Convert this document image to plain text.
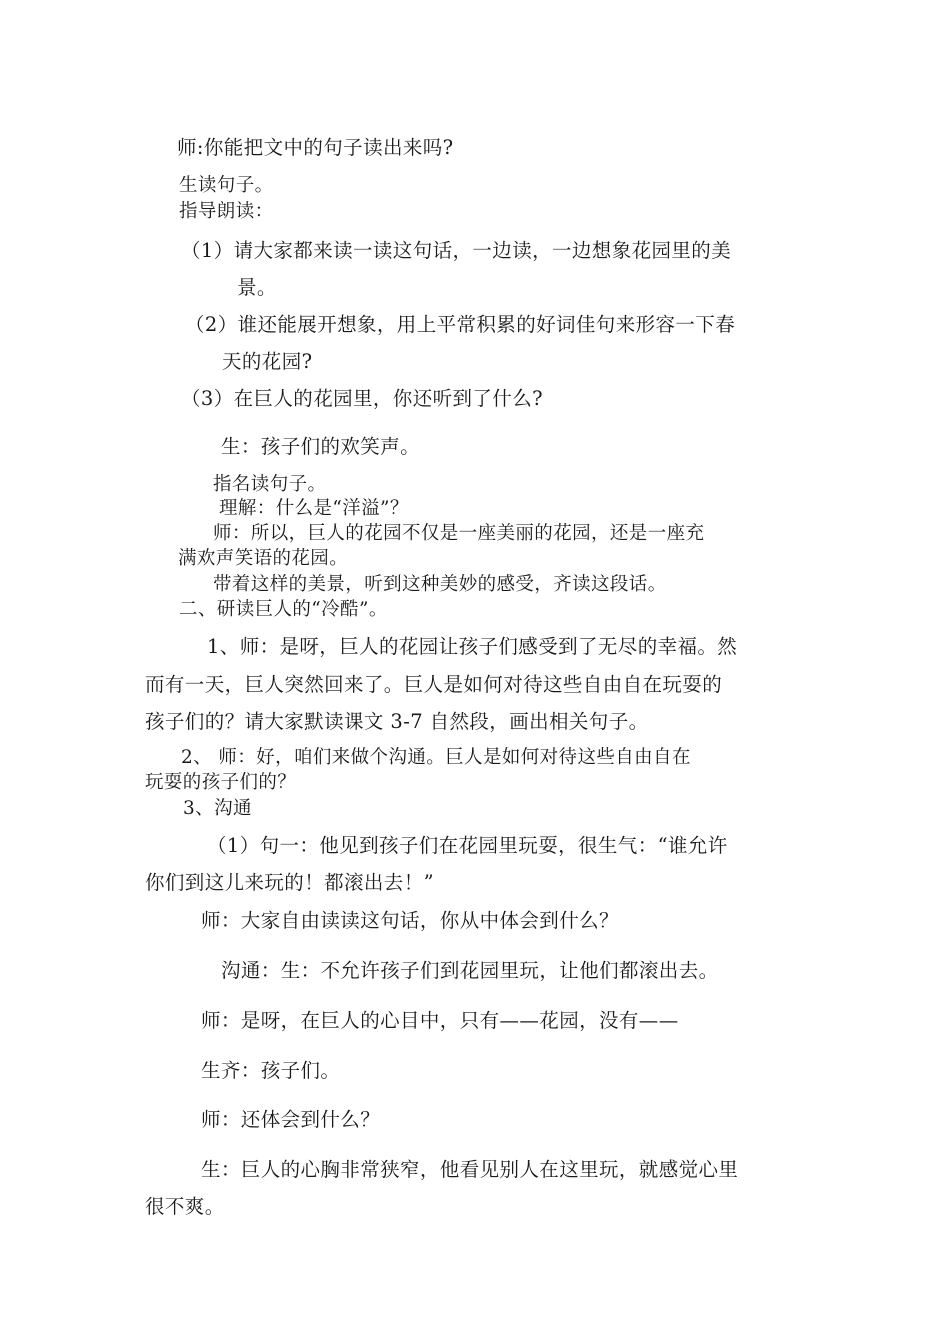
师:你能把文中的句子读出来吗?

生读句子。

指导朗读：

（1）请大家都来读一读这句话，一边读，一边想象花园里的美

景。

（2）谁还能展开想象，用上平常积累的好词佳句来形容一下春

天的花园?

（3）在巨人的花园里，你还听到了什么?

生：孩子们的欢笑声。

指名读句子。

理解：什么是“洋溢”？

师：所以，巨人的花园不仅是一座美丽的花园，还是一座充

满欢声笑语的花园。

带着这样的美景，听到这种美妙的感受，齐读这段话。

二、研读巨人的“冷酷”。

1、师：是呀，巨人的花园让孩子们感受到了无尽的幸福。然

而有一天，巨人突然回来了。巨人是如何对待这些自由自在玩耍的

孩子们的？请大家默读课文 3-7 自然段，画出相关句子。

2、 师：好，咱们来做个沟通。巨人是如何对待这些自由自在

玩耍的孩子们的？

3、沟通

（1）句一：他见到孩子们在花园里玩耍，很生气：“谁允许

你们到这儿来玩的！都滚出去！”

师：大家自由读读这句话，你从中体会到什么？

沟通：生：不允许孩子们到花园里玩，让他们都滚出去。

师：是呀，在巨人的心目中，只有——花园，没有——

生齐：孩子们。

师：还体会到什么？

生：巨人的心胸非常狭窄，他看见别人在这里玩，就感觉心里

很不爽。
